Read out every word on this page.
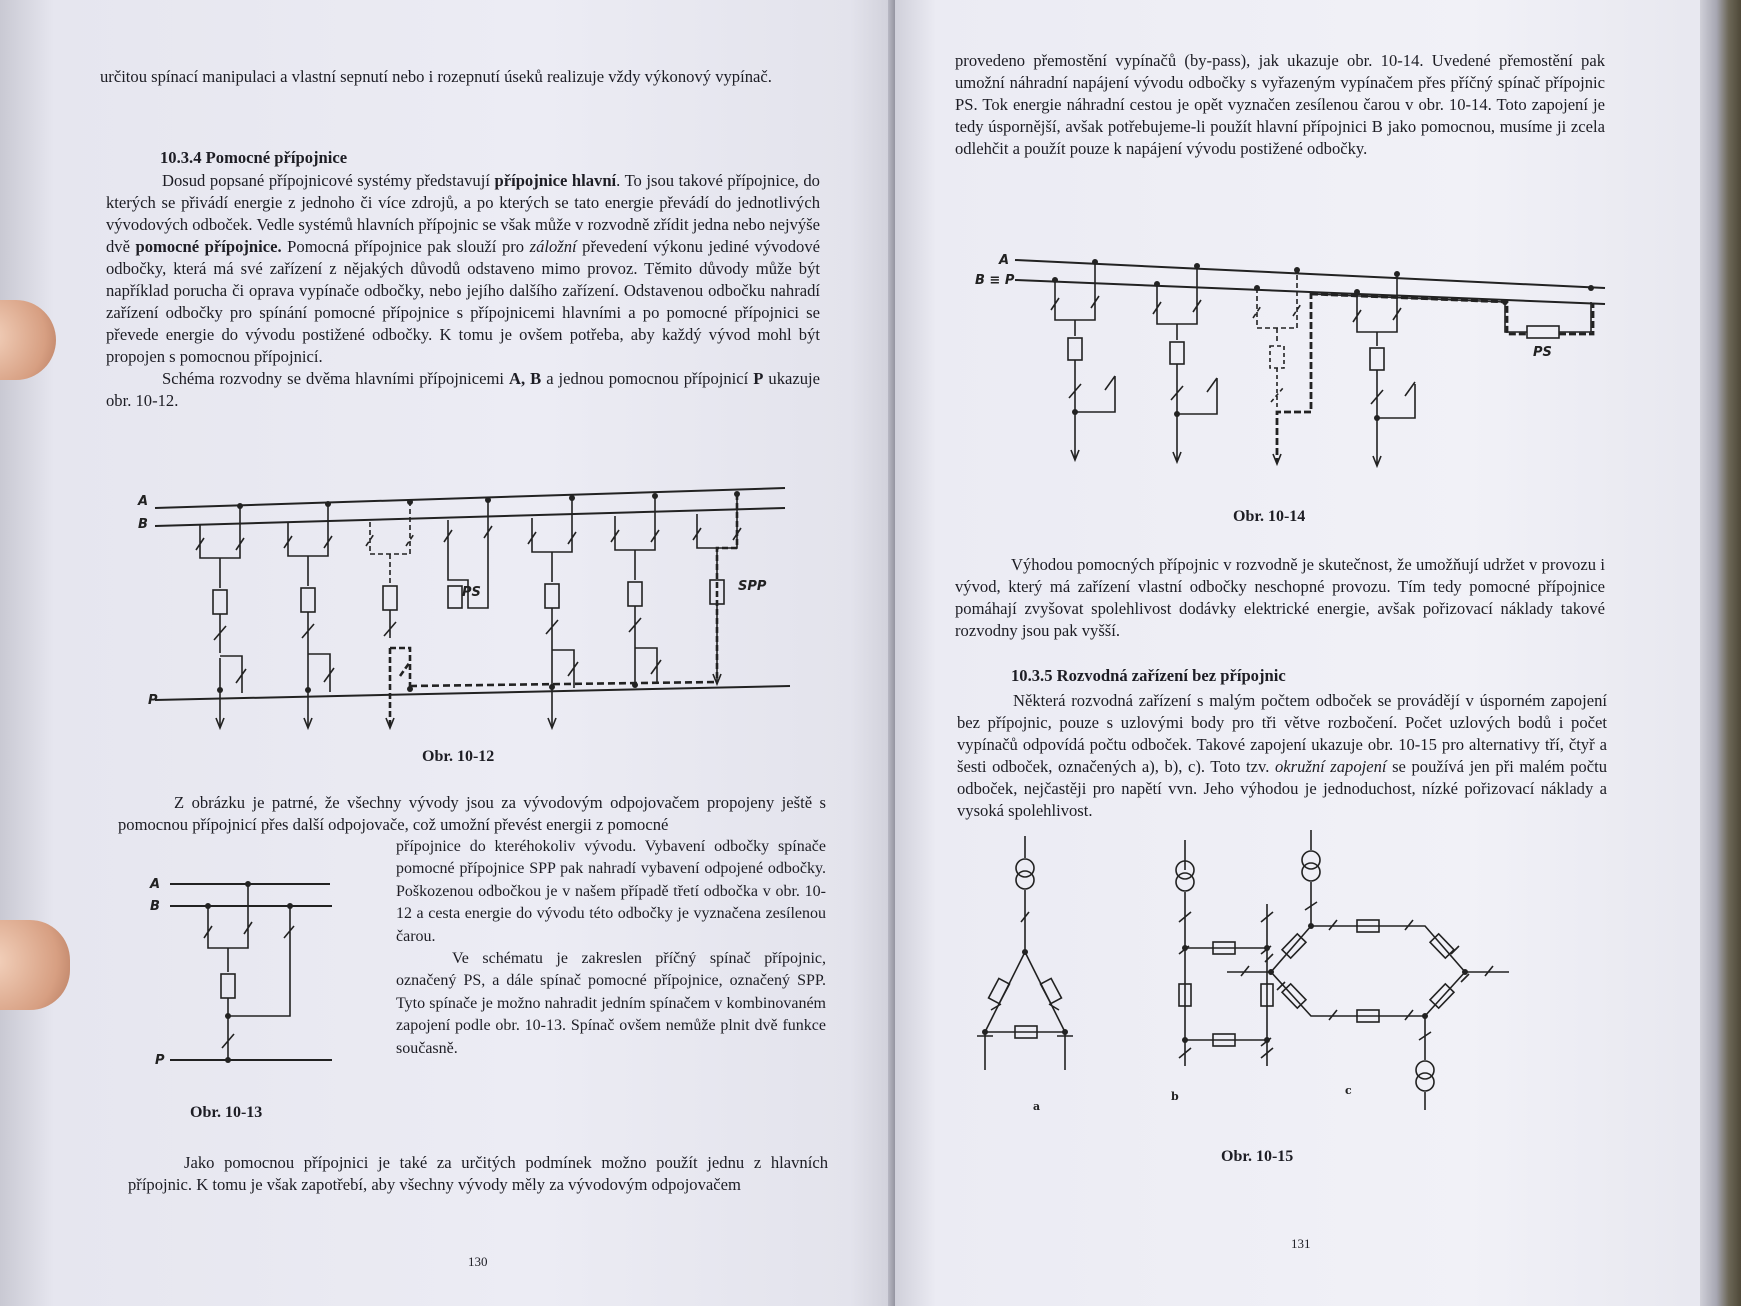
určitou spínací manipulaci a vlastní sepnutí nebo i rozepnutí úseků realizuje vždy výkonový vypínač.

10.3.4 Pomocné přípojnice

Dosud popsané přípojnicové systémy představují přípojnice hlavní. To jsou takové přípojnice, do kterých se přivádí energie z jednoho či více zdrojů, a po kterých se tato energie převádí do jednotlivých vývodových odboček. Vedle systémů hlavních přípojnic se však může v rozvodně zřídit jedna nebo nejvýše dvě pomocné přípojnice. Pomocná přípojnice pak slouží pro záložní převedení výkonu jediné vývodové odbočky, která má své zařízení z nějakých důvodů odstaveno mimo provoz. Těmito důvody může být například porucha či oprava vypínače odbočky, nebo jejího dalšího zařízení. Odstavenou odbočku nahradí zařízení odbočky pro spínání pomocné přípojnice s přípojnicemi hlavními a po pomocné přípojnici se převede energie do vývodu postižené odbočky. K tomu je ovšem potřeba, aby každý vývod mohl být propojen s pomocnou přípojnicí.

Schéma rozvodny se dvěma hlavními přípojnicemi A, B a jednou pomocnou přípojnicí P ukazuje obr. 10-12.

A
B
P
PS	SPP
Obr. 10-12

Z obrázku je patrné, že všechny vývody jsou za vývodovým odpojovačem propojeny ještě s pomocnou přípojnicí přes další odpojovače, což umožní převést energii z pomocné

přípojnice do kteréhokoliv vývodu. Vybavení odbočky spínače pomocné přípojnice SPP pak nahradí vybavení odpojené odbočky. Poškozenou odbočkou je v našem případě třetí odbočka v obr. 10-12 a cesta energie do vývodu této odbočky je vyznačena zesílenou čarou.

Ve schématu je zakreslen příčný spínač přípojnic, označený PS, a dále spínač pomocné přípojnice, označený SPP. Tyto spínače je možno nahradit jedním spínačem v kombinovaném zapojení podle obr. 10-13. Spínač ovšem nemůže plnit dvě funkce současně.

A
B
P
Obr. 10-13

Jako pomocnou přípojnici je také za určitých podmínek možno použít jednu z hlavních přípojnic. K tomu je však zapotřebí, aby všechny vývody měly za vývodovým odpojovačem

130

provedeno přemostění vypínačů (by-pass), jak ukazuje obr. 10-14. Uvedené přemostění pak umožní náhradní napájení vývodu odbočky s vyřazeným vypínačem přes příčný spínač přípojnic PS. Tok energie náhradní cestou je opět vyznačen zesílenou čarou v obr. 10-14. Toto zapojení je tedy úspornější, avšak potřebujeme-li použít hlavní přípojnici B jako pomocnou, musíme ji zcela odlehčit a použít pouze k napájení vývodu postižené odbočky.

A
B ≡ P
PS
Obr. 10-14

Výhodou pomocných přípojnic v rozvodně je skutečnost, že umožňují udržet v provozu i vývod, který má zařízení vlastní odbočky neschopné provozu. Tím tedy pomocné přípojnice pomáhají zvyšovat spolehlivost dodávky elektrické energie, avšak pořizovací náklady takové rozvodny jsou pak vyšší.

10.3.5 Rozvodná zařízení bez přípojnic

Některá rozvodná zařízení s malým počtem odboček se provádějí v úsporném zapojení bez přípojnic, pouze s uzlovými body pro tři větve rozbočení. Počet uzlových bodů i počet vypínačů odpovídá počtu odboček. Takové zapojení ukazuje obr. 10-15 pro alternativy tří, čtyř a šesti odboček, označených a), b), c). Toto tzv. okružní zapojení se používá jen při malém počtu odboček, nejčastěji pro napětí vvn. Jeho výhodou je jednoduchost, nízké pořizovací náklady a vysoká spolehlivost.

a
b	c
Obr. 10-15
131
